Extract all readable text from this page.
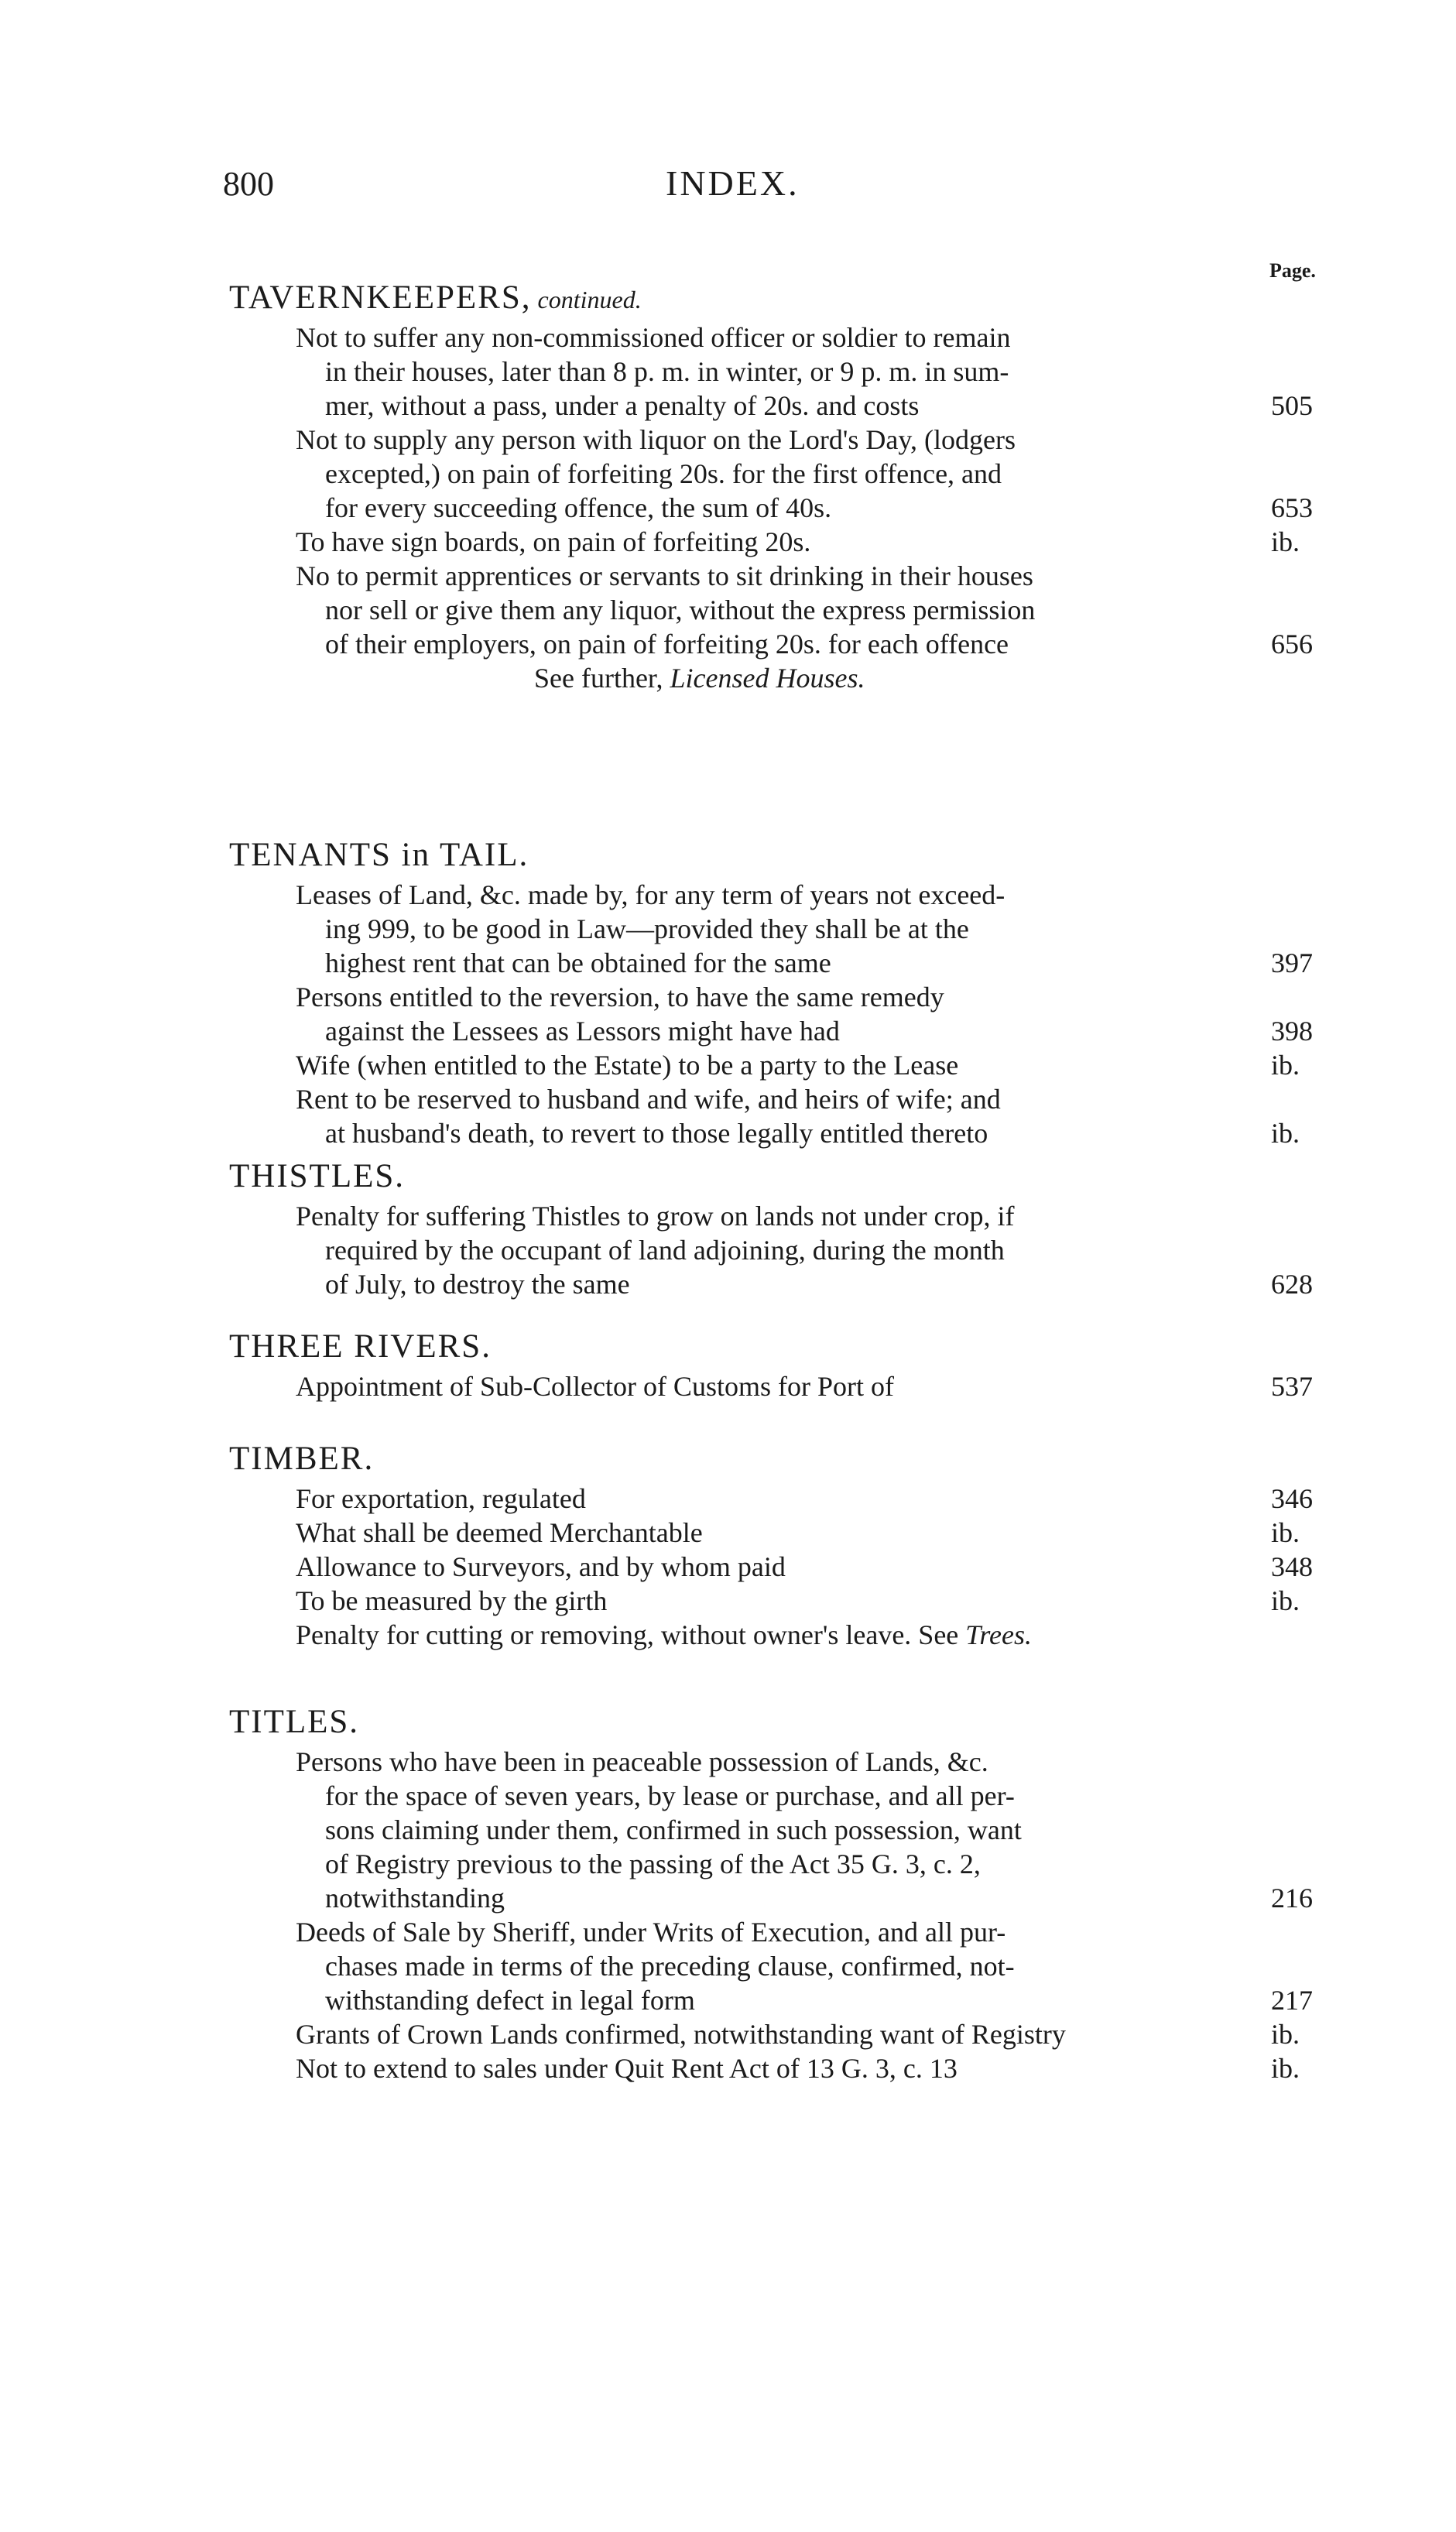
800	INDEX.
Page.
TAVERNKEEPERS, continued.
Not to suffer any non-commissioned officer or soldier to remain
in their houses, later than 8 p. m. in winter, or 9 p. m. in sum-
mer, without a pass, under a penalty of 20s. and costs	505
Not to supply any person with liquor on the Lord's Day, (lodgers
excepted,) on pain of forfeiting 20s. for the first offence, and
for every succeeding offence, the sum of 40s.	653
To have sign boards, on pain of forfeiting 20s.	ib.
No to permit apprentices or servants to sit drinking in their houses
nor sell or give them any liquor, without the express permission
of their employers, on pain of forfeiting 20s. for each offence	656
See further, Licensed Houses.
TENANTS in TAIL.
Leases of Land, &c. made by, for any term of years not exceed-
ing 999, to be good in Law—provided they shall be at the
highest rent that can be obtained for the same	397
Persons entitled to the reversion, to have the same remedy
against the Lessees as Lessors might have had	398
Wife (when entitled to the Estate) to be a party to the Lease	ib.
Rent to be reserved to husband and wife, and heirs of wife; and
at husband's death, to revert to those legally entitled thereto	ib.
THISTLES.
Penalty for suffering Thistles to grow on lands not under crop, if
required by the occupant of land adjoining, during the month
of July, to destroy the same	628
THREE RIVERS.
Appointment of Sub-Collector of Customs for Port of	537
TIMBER.
For exportation, regulated	346
What shall be deemed Merchantable	ib.
Allowance to Surveyors, and by whom paid	348
To be measured by the girth	ib.
Penalty for cutting or removing, without owner's leave. See Trees.
TITLES.
Persons who have been in peaceable possession of Lands, &c.
for the space of seven years, by lease or purchase, and all per-
sons claiming under them, confirmed in such possession, want
of Registry previous to the passing of the Act 35 G. 3, c. 2,
notwithstanding	216
Deeds of Sale by Sheriff, under Writs of Execution, and all pur-
chases made in terms of the preceding clause, confirmed, not-
withstanding defect in legal form	217
Grants of Crown Lands confirmed, notwithstanding want of Registry	ib.
Not to extend to sales under Quit Rent Act of 13 G. 3, c. 13	ib.
